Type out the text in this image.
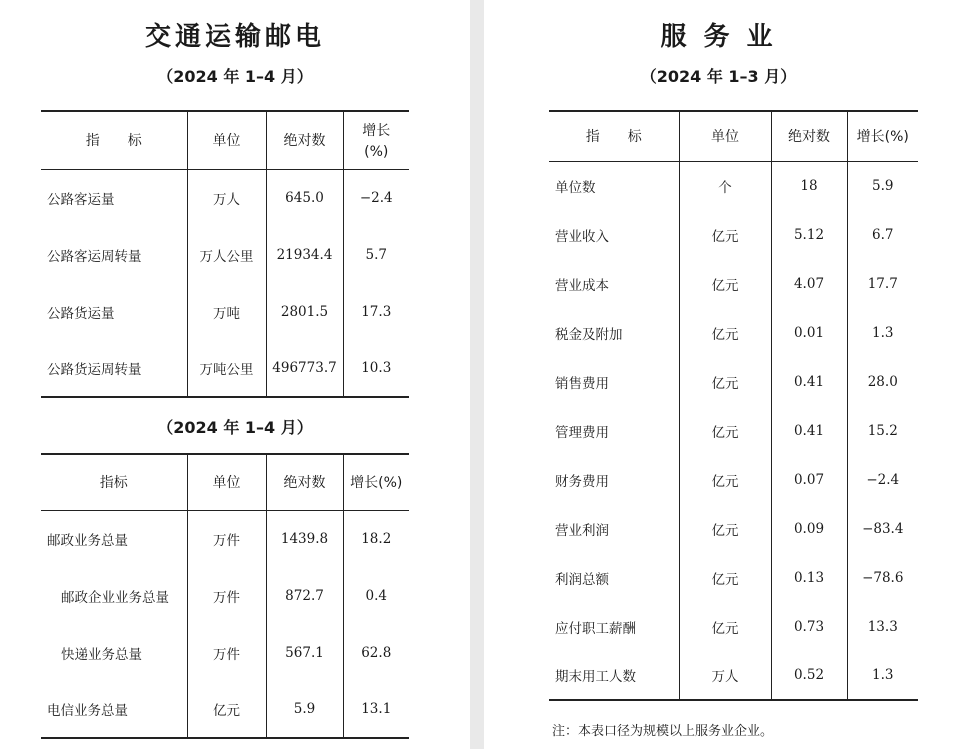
交通运输邮电
（2024 年 1–4 月）
指　　标	单位	绝对数	增长
(%)

公路客运量	万人	645.0	−2.4
公路客运周转量	万人公里	21934.4	5.7
公路货运量	万吨	2801.5	17.3
公路货运周转量	万吨公里	496773.7	10.3
（2024 年 1–4 月）
指标	单位	绝对数	增长(%)
邮政业务总量	万件	1439.8	18.2
邮政企业业务总量	万件	872.7	0.4
快递业务总量	万件	567.1	62.8
电信业务总量	亿元	5.9	13.1
服 务 业
（2024 年 1–3 月）
指　　标	单位	绝对数	增长(%)
单位数	个	18	5.9
营业收入	亿元	5.12	6.7
营业成本	亿元	4.07	17.7
税金及附加	亿元	0.01	1.3
销售费用	亿元	0.41	28.0
管理费用	亿元	0.41	15.2
财务费用	亿元	0.07	−2.4
营业利润	亿元	0.09	−83.4
利润总额	亿元	0.13	−78.6
应付职工薪酬	亿元	0.73	13.3
期末用工人数	万人	0.52	1.3
注：本表口径为规模以上服务业企业。
